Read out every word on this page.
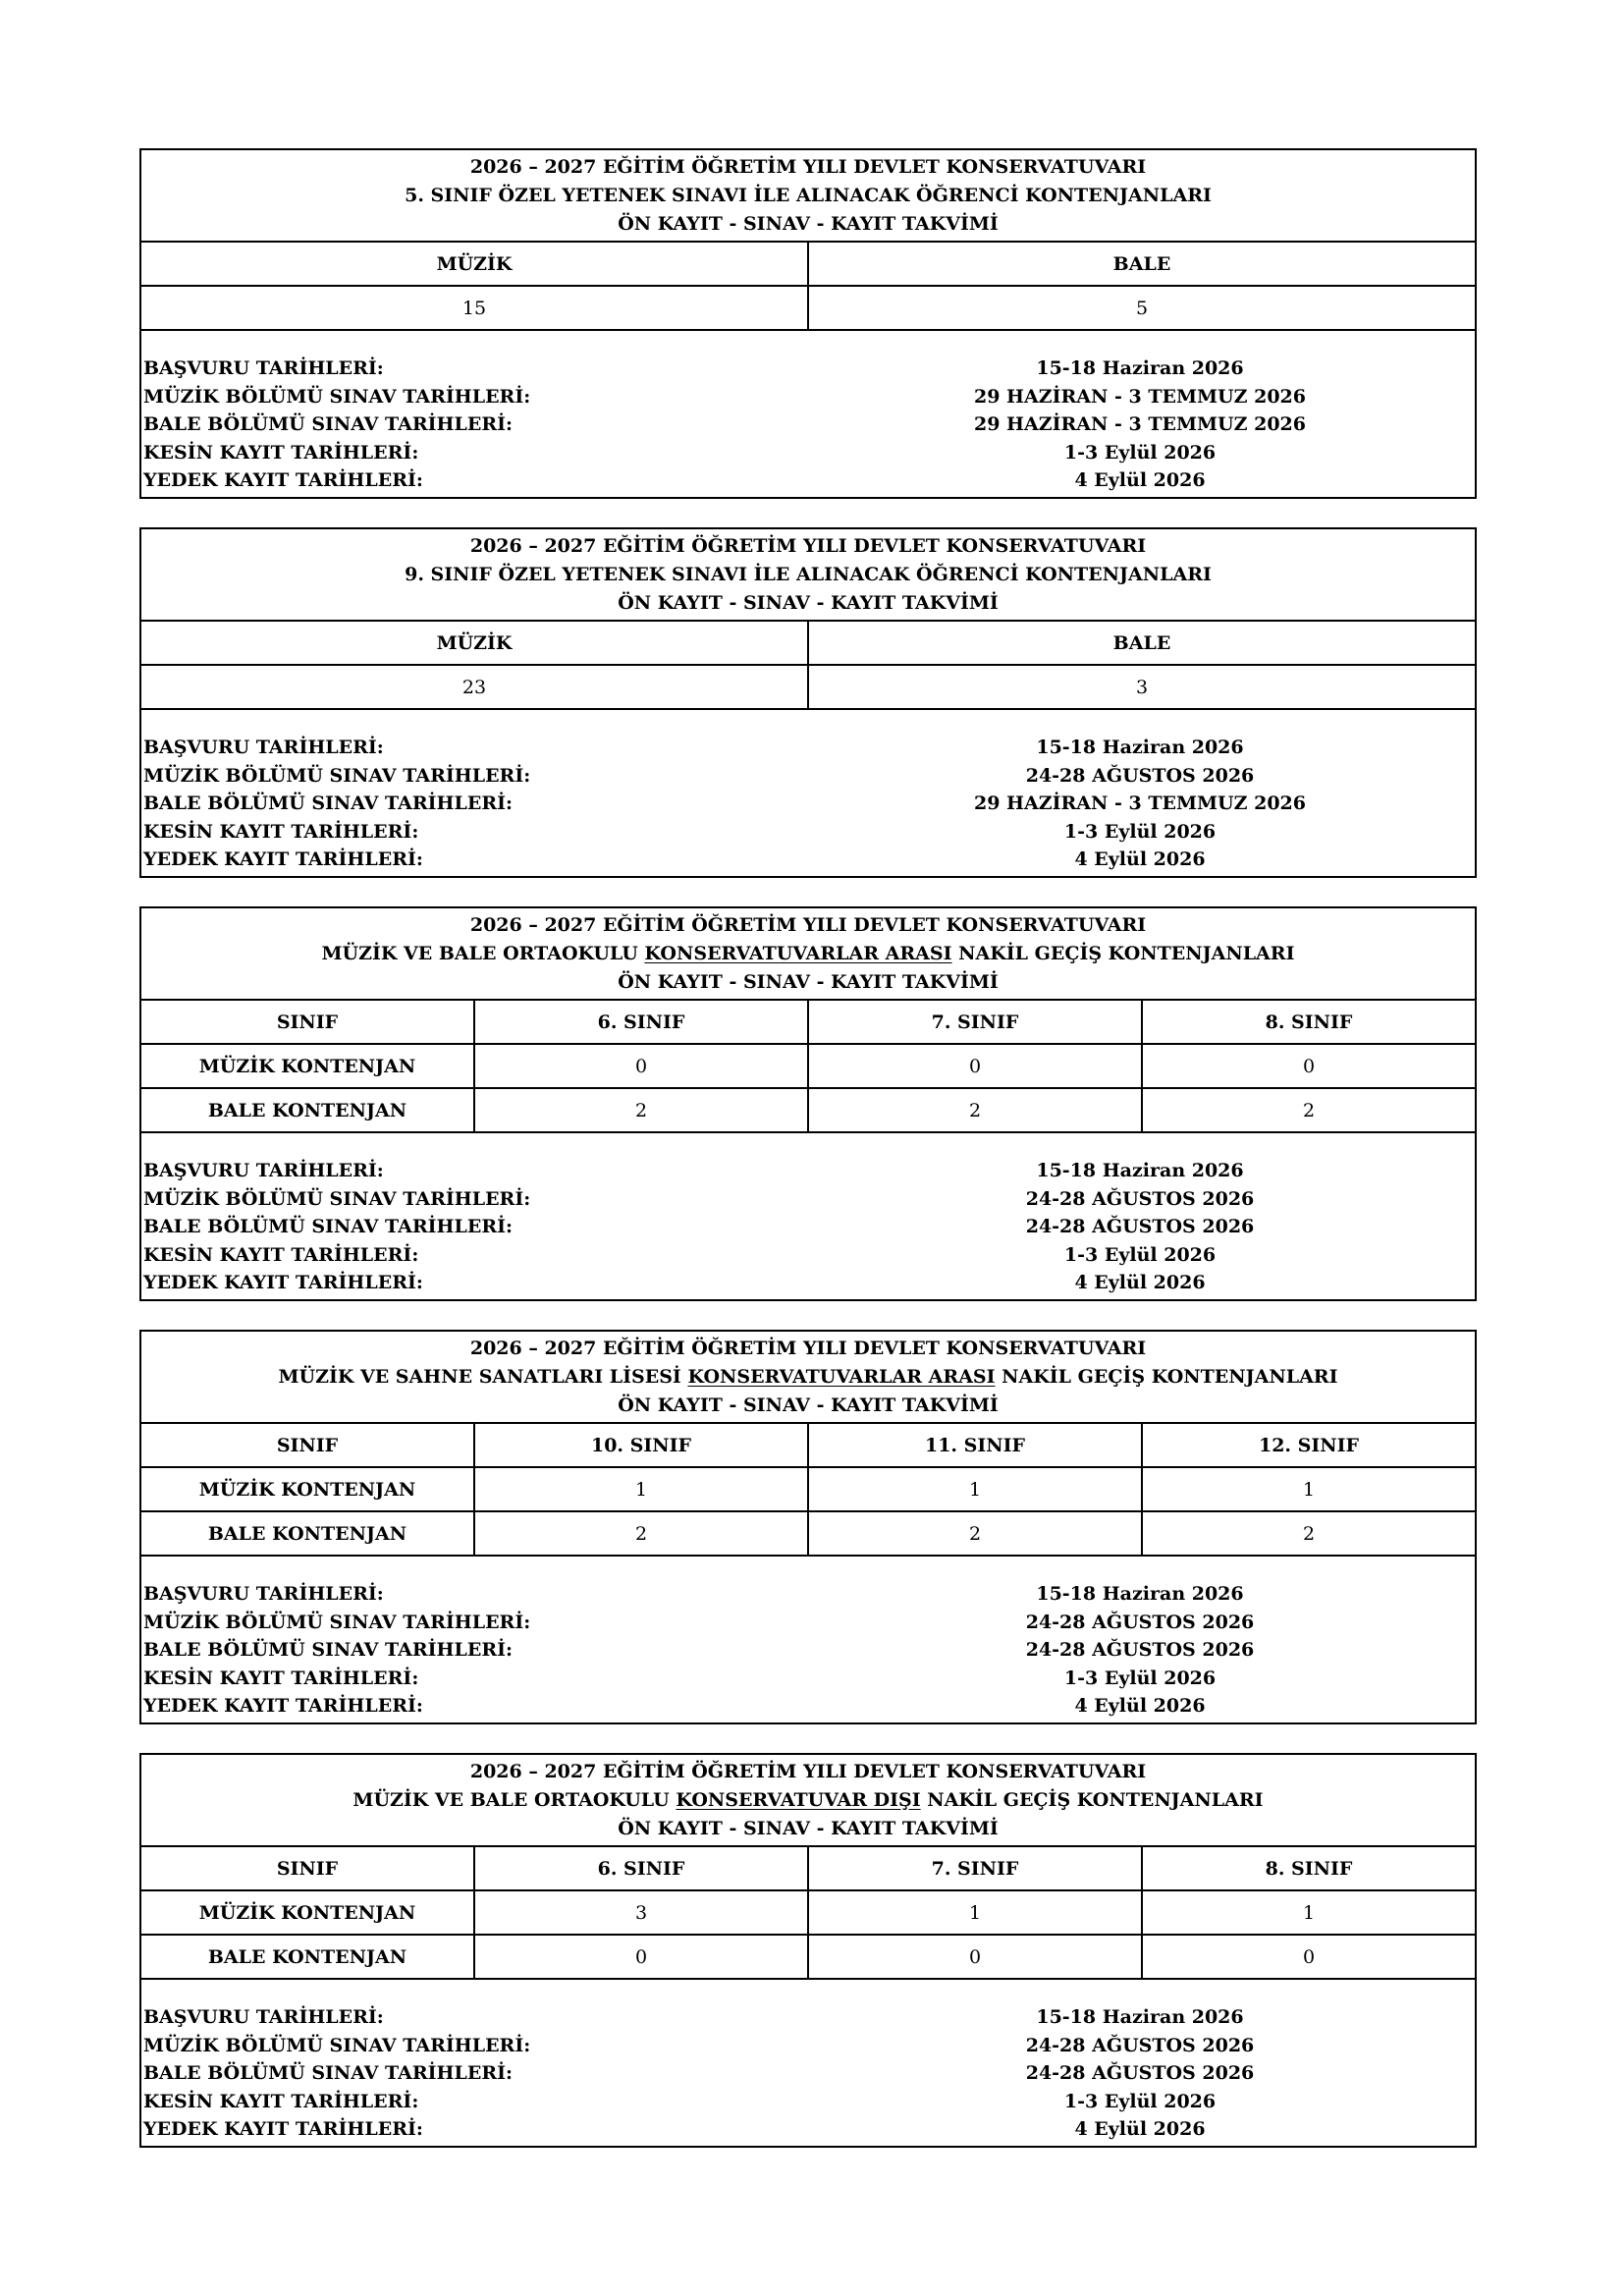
2026 – 2027 EĞİTİM ÖĞRETİM YILI DEVLET KONSERVATUVARI
5. SINIF ÖZEL YETENEK SINAVI İLE ALINACAK ÖĞRENCİ KONTENJANLARI
ÖN KAYIT - SINAV - KAYIT TAKVİMİ
MÜZİK	BALE
15	5
BAŞVURU TARİHLERİ:	15-18 Haziran 2026
MÜZİK BÖLÜMÜ SINAV TARİHLERİ:	29 HAZİRAN - 3 TEMMUZ 2026
BALE BÖLÜMÜ SINAV TARİHLERİ:	29 HAZİRAN - 3 TEMMUZ 2026
KESİN KAYIT TARİHLERİ:	1-3 Eylül 2026
YEDEK KAYIT TARİHLERİ:	4 Eylül 2026
2026 – 2027 EĞİTİM ÖĞRETİM YILI DEVLET KONSERVATUVARI
9. SINIF ÖZEL YETENEK SINAVI İLE ALINACAK ÖĞRENCİ KONTENJANLARI
ÖN KAYIT - SINAV - KAYIT TAKVİMİ
MÜZİK	BALE
23	3
BAŞVURU TARİHLERİ:	15-18 Haziran 2026
MÜZİK BÖLÜMÜ SINAV TARİHLERİ:	24-28 AĞUSTOS 2026
BALE BÖLÜMÜ SINAV TARİHLERİ:	29 HAZİRAN - 3 TEMMUZ 2026
KESİN KAYIT TARİHLERİ:	1-3 Eylül 2026
YEDEK KAYIT TARİHLERİ:	4 Eylül 2026
2026 – 2027 EĞİTİM ÖĞRETİM YILI DEVLET KONSERVATUVARI
MÜZİK VE BALE ORTAOKULU KONSERVATUVARLAR ARASI NAKİL GEÇİŞ KONTENJANLARI
ÖN KAYIT - SINAV - KAYIT TAKVİMİ
SINIF	6. SINIF	7. SINIF	8. SINIF
MÜZİK KONTENJAN	0	0	0
BALE KONTENJAN	2	2	2
BAŞVURU TARİHLERİ:	15-18 Haziran 2026
MÜZİK BÖLÜMÜ SINAV TARİHLERİ:	24-28 AĞUSTOS 2026
BALE BÖLÜMÜ SINAV TARİHLERİ:	24-28 AĞUSTOS 2026
KESİN KAYIT TARİHLERİ:	1-3 Eylül 2026
YEDEK KAYIT TARİHLERİ:	4 Eylül 2026
2026 – 2027 EĞİTİM ÖĞRETİM YILI DEVLET KONSERVATUVARI
MÜZİK VE SAHNE SANATLARI LİSESİ KONSERVATUVARLAR ARASI NAKİL GEÇİŞ KONTENJANLARI
ÖN KAYIT - SINAV - KAYIT TAKVİMİ
SINIF	10. SINIF	11. SINIF	12. SINIF
MÜZİK KONTENJAN	1	1	1
BALE KONTENJAN	2	2	2
BAŞVURU TARİHLERİ:	15-18 Haziran 2026
MÜZİK BÖLÜMÜ SINAV TARİHLERİ:	24-28 AĞUSTOS 2026
BALE BÖLÜMÜ SINAV TARİHLERİ:	24-28 AĞUSTOS 2026
KESİN KAYIT TARİHLERİ:	1-3 Eylül 2026
YEDEK KAYIT TARİHLERİ:	4 Eylül 2026
2026 – 2027 EĞİTİM ÖĞRETİM YILI DEVLET KONSERVATUVARI
MÜZİK VE BALE ORTAOKULU KONSERVATUVAR DIŞI NAKİL GEÇİŞ KONTENJANLARI
ÖN KAYIT - SINAV - KAYIT TAKVİMİ
SINIF	6. SINIF	7. SINIF	8. SINIF
MÜZİK KONTENJAN	3	1	1
BALE KONTENJAN	0	0	0
BAŞVURU TARİHLERİ:	15-18 Haziran 2026
MÜZİK BÖLÜMÜ SINAV TARİHLERİ:	24-28 AĞUSTOS 2026
BALE BÖLÜMÜ SINAV TARİHLERİ:	24-28 AĞUSTOS 2026
KESİN KAYIT TARİHLERİ:	1-3 Eylül 2026
YEDEK KAYIT TARİHLERİ:	4 Eylül 2026
